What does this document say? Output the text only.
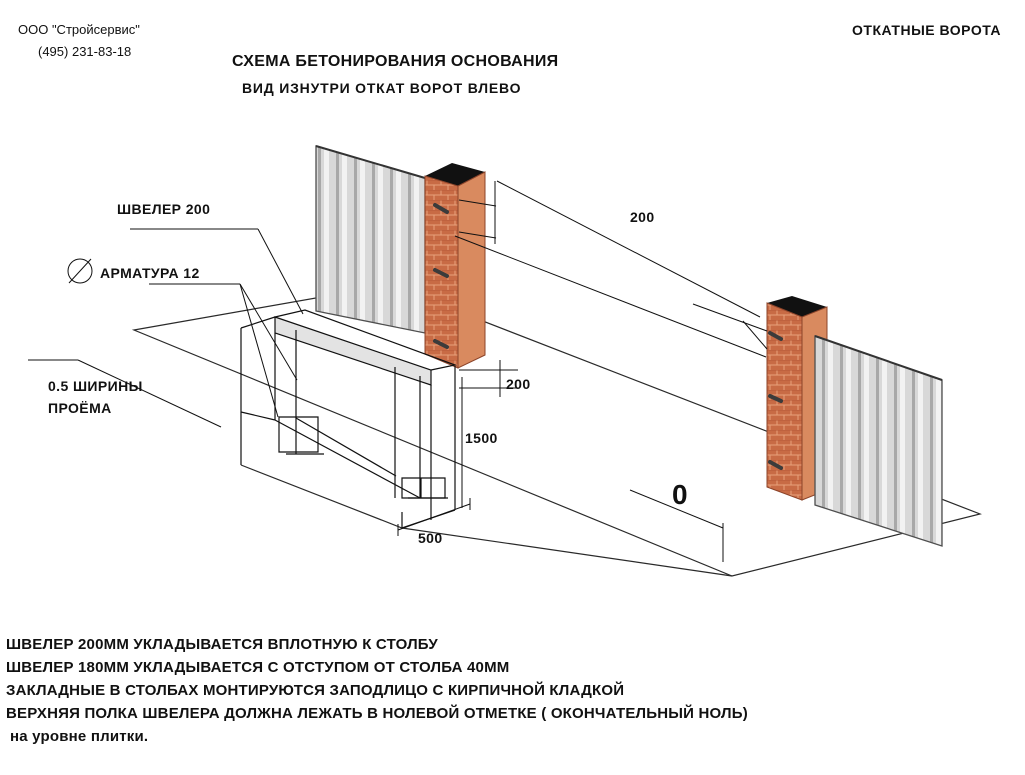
ООО "Стройсервис"
(495) 231-83-18
ОТКАТНЫЕ ВОРОТА
СХЕМА БЕТОНИРОВАНИЯ ОСНОВАНИЯ
ВИД ИЗНУТРИ ОТКАТ ВОРОТ ВЛЕВО
ШВЕЛЕР 200
АРМАТУРА 12
0.5 ШИРИНЫ
ПРОЁМА
200
200
1500
500
0
ШВЕЛЕР 200ММ УКЛАДЫВАЕТСЯ ВПЛОТНУЮ К СТОЛБУ
ШВЕЛЕР 180ММ УКЛАДЫВАЕТСЯ С ОТСТУПОМ ОТ СТОЛБА 40ММ
ЗАКЛАДНЫЕ В СТОЛБАХ МОНТИРУЮТСЯ ЗАПОДЛИЦО С КИРПИЧНОЙ КЛАДКОЙ
ВЕРХНЯЯ ПОЛКА ШВЕЛЕРА ДОЛЖНА ЛЕЖАТЬ В НОЛЕВОЙ ОТМЕТКЕ ( ОКОНЧАТЕЛЬНЫЙ НОЛЬ)
на уровне плитки.
